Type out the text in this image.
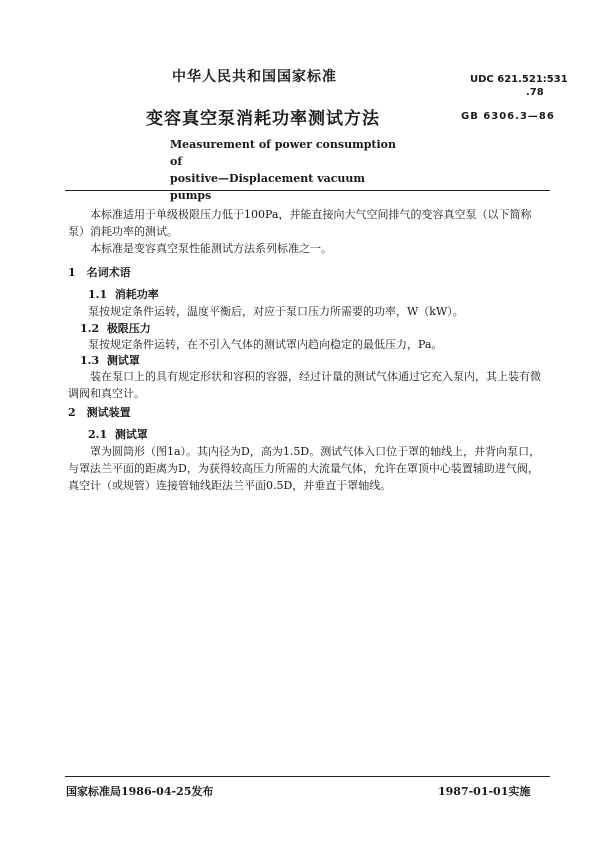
中华人民共和国国家标准	UDC 621.521:531
.78
变容真空泵消耗功率测试方法	GB 6306.3—86
Measurement of power consumption of
positive—Displacement vacuum pumps
本标准适用于单级极限压力低于100Pa，并能直接向大气空间排气的变容真空泵（以下简称泵）消耗功率的测试。
本标准是变容真空泵性能测试方法系列标准之一。
1　名词术语
1.1 消耗功率
泵按规定条件运转，温度平衡后，对应于泵口压力所需要的功率，W（kW）。
1.2 极限压力
泵按规定条件运转，在不引入气体的测试罩内趋向稳定的最低压力，Pa。
1.3 测试罩
装在泵口上的具有规定形状和容积的容器，经过计量的测试气体通过它充入泵内，其上装有微调阀和真空计。
2　测试装置
2.1 测试罩
罩为圆筒形（图1a）。其内径为D，高为1.5D。测试气体入口位于罩的轴线上，并背向泵口，与罩法兰平面的距离为D，为获得较高压力所需的大流量气体，允许在罩顶中心装置辅助进气阀，真空计（或规管）连接管轴线距法兰平面0.5D，并垂直于罩轴线。
国家标准局1986-04-25发布	1987-01-01实施
